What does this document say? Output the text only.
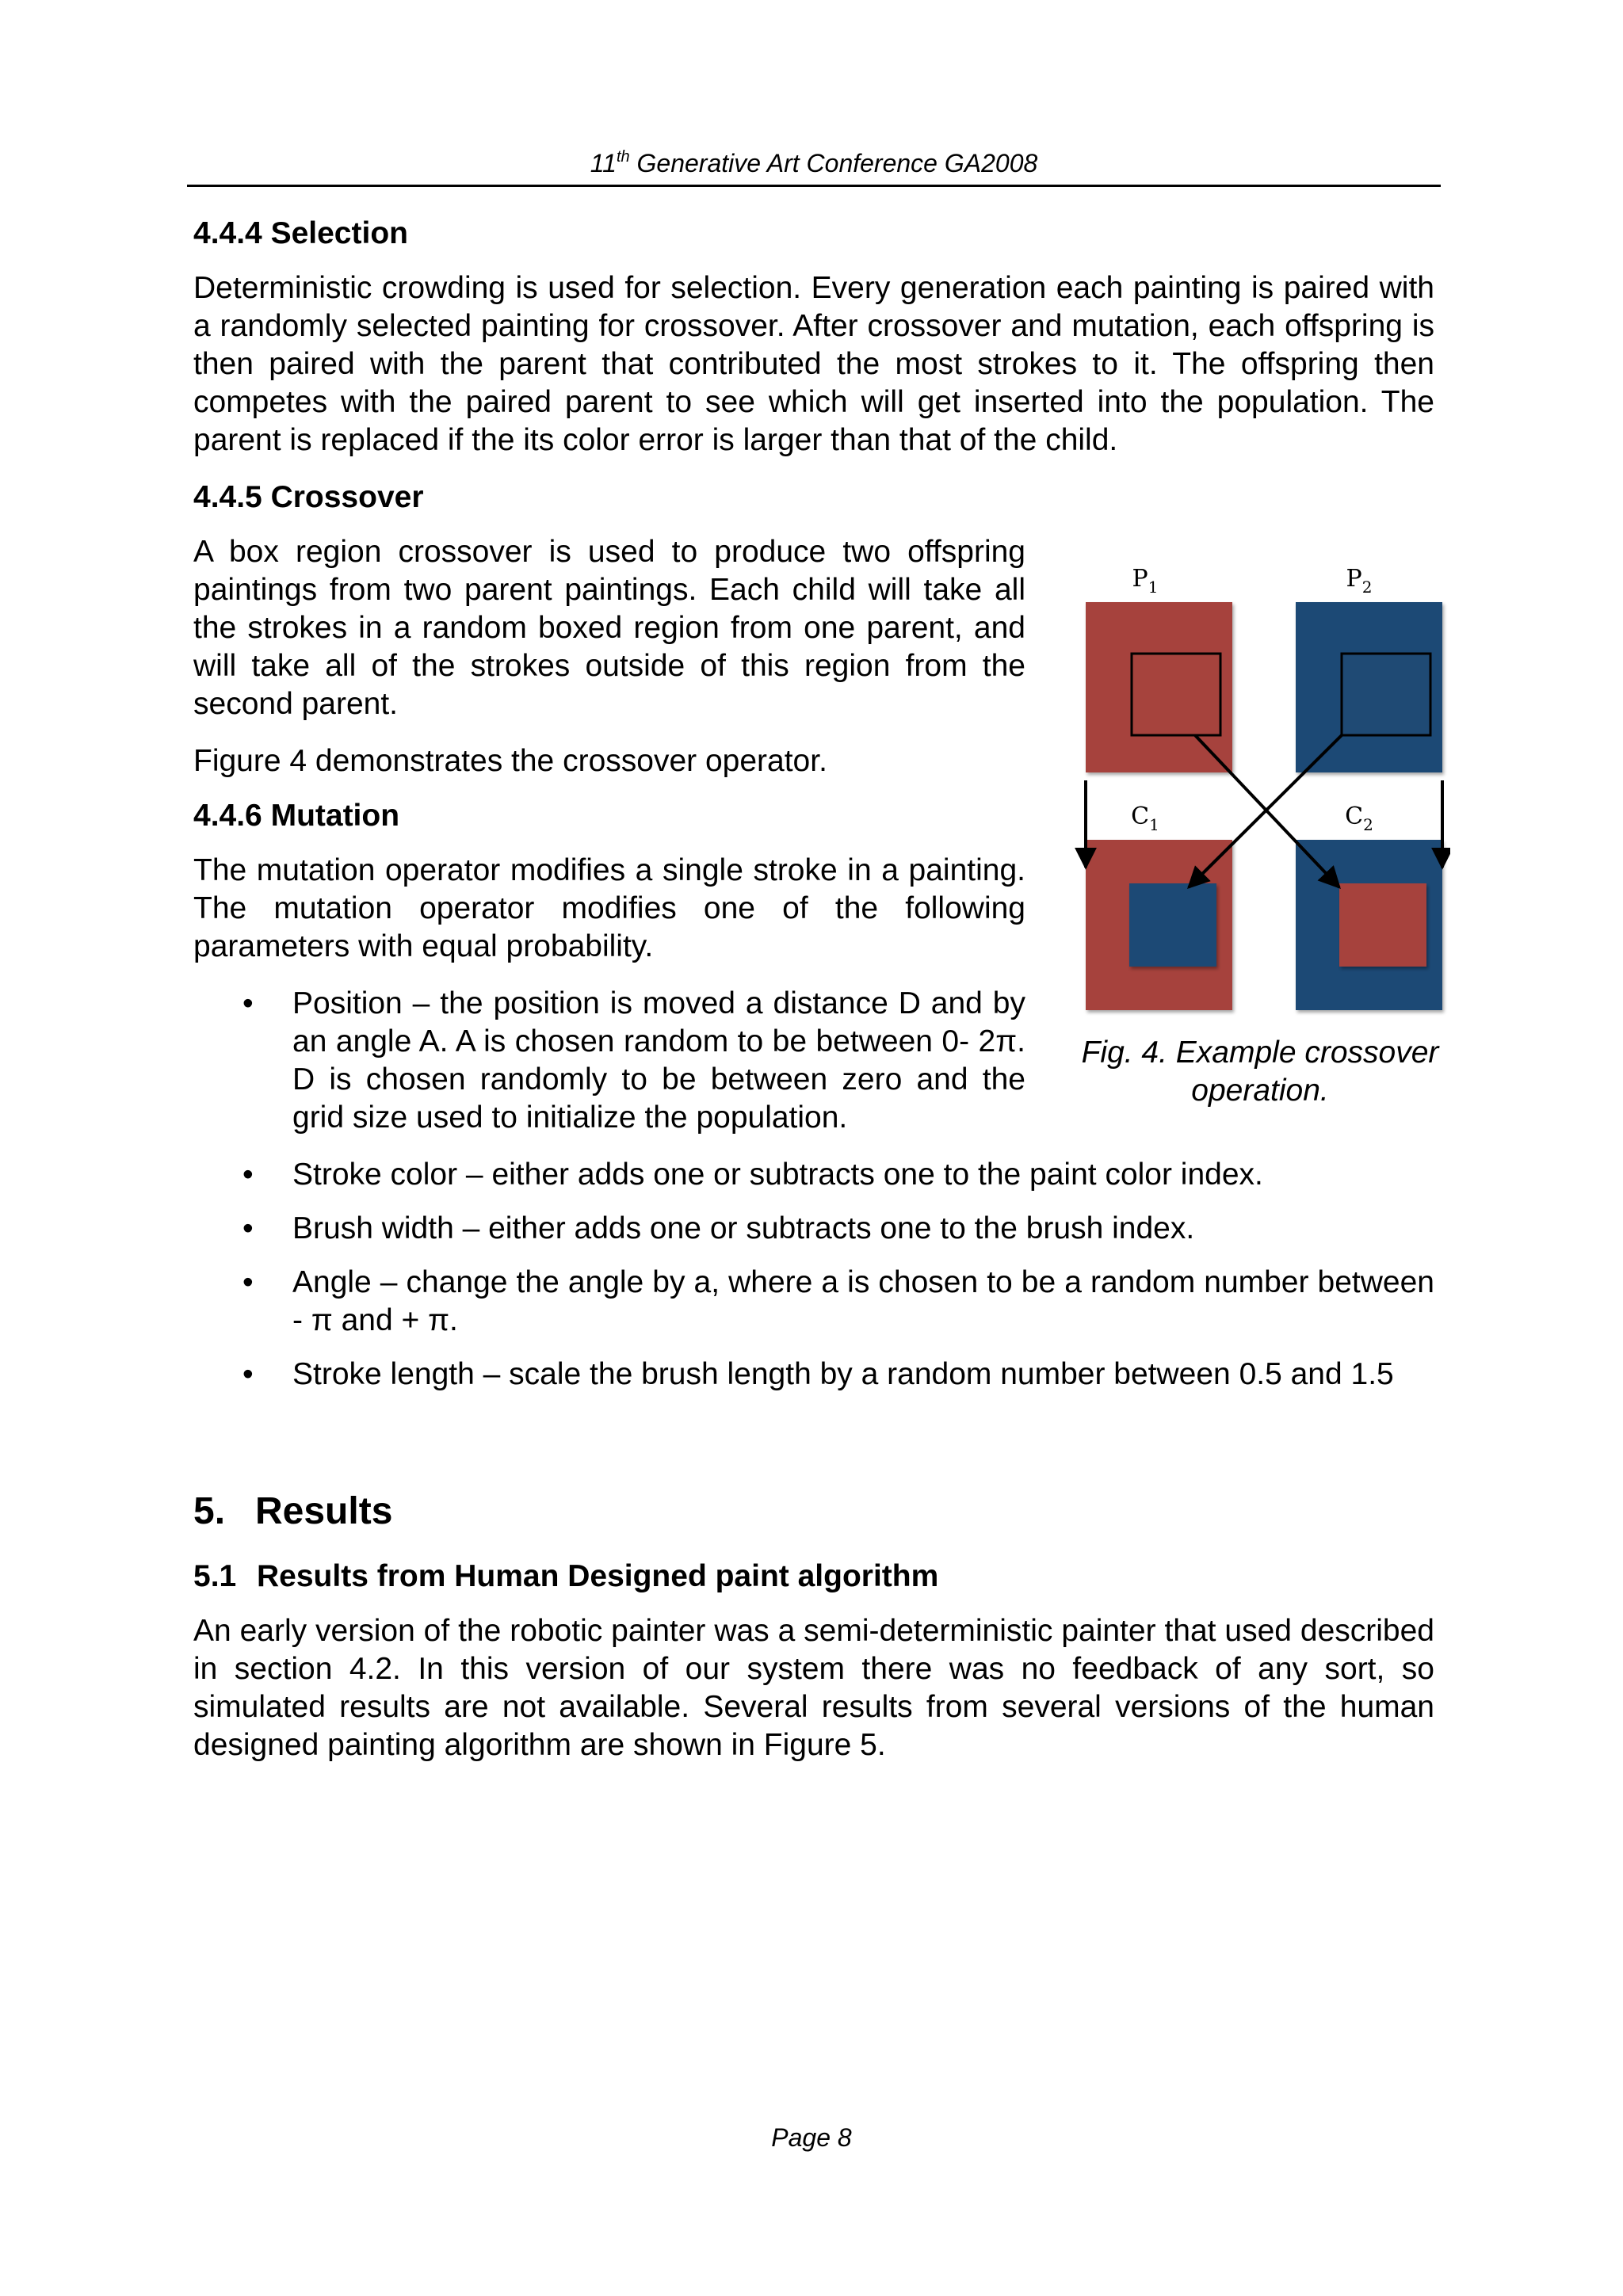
11th Generative Art Conference GA2008
4.4.4 Selection

Deterministic crowding is used for selection. Every generation each painting is paired with a randomly selected painting for crossover. After crossover and mutation, each offspring is then paired with the parent that contributed the most strokes to it. The offspring then competes with the paired parent to see which will get inserted into the population. The parent is replaced if the its color error is larger than that of the child.

4.4.5 Crossover

A box region crossover is used to produce two offspring paintings from two parent paintings. Each child will take all the strokes in a random boxed region from one parent, and will take all of the strokes outside of this region from the second parent.

Figure 4 demonstrates the crossover operator.

4.4.6 Mutation

The mutation operator modifies a single stroke in a painting. The mutation operator modifies one of the following parameters with equal probability.

• Position – the position is moved a distance D and by an angle A. A is chosen random to be between 0- 2π. D is chosen randomly to be between zero and the grid size used to initialize the population.
• Stroke color – either adds one or subtracts one to the paint color index.
• Brush width – either adds one or subtracts one to the brush index.
• Angle – change the angle by a, where a is chosen to be a random number between - π and + π.
• Stroke length – scale the brush length by a random number between 0.5 and 1.5
$P_1$	$P_2$
$C_1$	$C_2$
Fig. 4. Example crossover
operation.
5. Results
5.1 Results from Human Designed paint algorithm

An early version of the robotic painter was a semi-deterministic painter that used described in section 4.2. In this version of our system there was no feedback of any sort, so simulated results are not available. Several results from several versions of the human designed painting algorithm are shown in Figure 5.

Page 8
